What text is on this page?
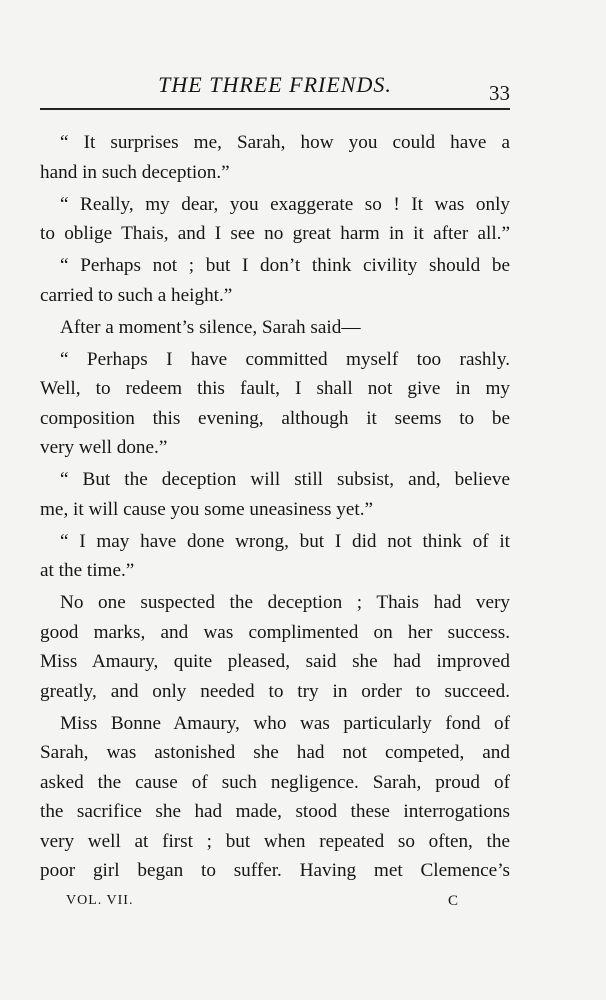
THE THREE FRIENDS.	33
“ It surprises me, Sarah, how you could have a
hand in such deception.”
“ Really, my dear, you exaggerate so ! It was only
to oblige Thais, and I see no great harm in it after all.”
“ Perhaps not ; but I don’t think civility should be
carried to such a height.”
After a moment’s silence, Sarah said—
“ Perhaps I have committed myself too rashly.
Well, to redeem this fault, I shall not give in my
composition this evening, although it seems to be
very well done.”
“ But the deception will still subsist, and, believe
me, it will cause you some uneasiness yet.”
“ I may have done wrong, but I did not think of it
at the time.”
No one suspected the deception ; Thais had very
good marks, and was complimented on her success.
Miss Amaury, quite pleased, said she had improved
greatly, and only needed to try in order to succeed.
Miss Bonne Amaury, who was particularly fond of
Sarah, was astonished she had not competed, and
asked the cause of such negligence. Sarah, proud of
the sacrifice she had made, stood these interrogations
very well at first ; but when repeated so often, the
poor girl began to suffer. Having met Clemence’s
VOL. VII.	C
